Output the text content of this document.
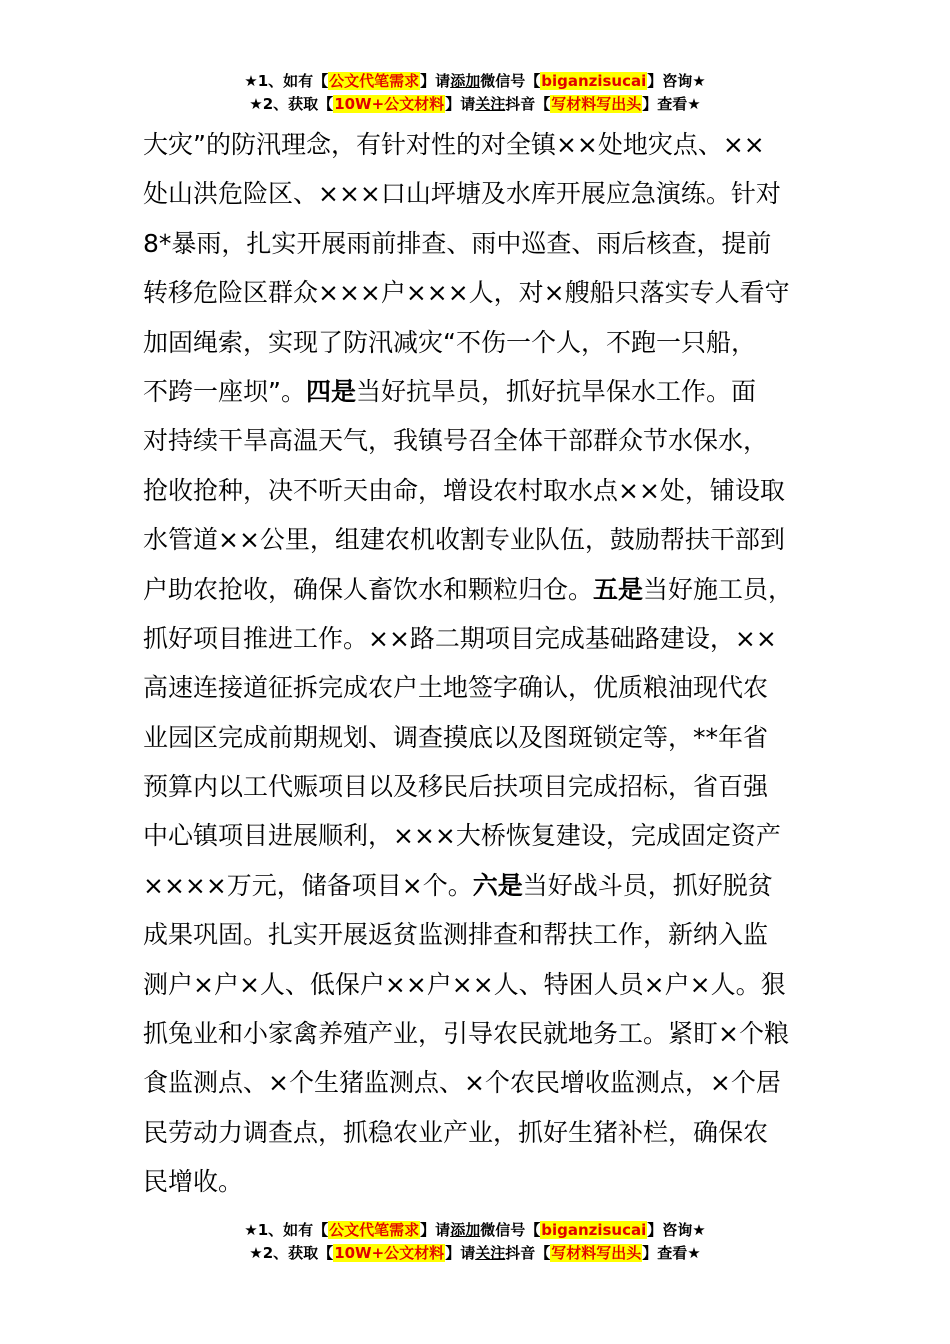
★1、如有【公文代笔需求】请添加微信号【biganzisucai】咨询★
★2、获取【10W+公文材料】请关注抖音【写材料写出头】查看★
大灾”的防汛理念，有针对性的对全镇××处地灾点、××
处山洪危险区、×××口山坪塘及水库开展应急演练。针对
8*暴雨，扎实开展雨前排查、雨中巡查、雨后核查，提前
转移危险区群众×××户×××人，对×艘船只落实专人看守
加固绳索，实现了防汛减灾“不伤一个人，不跑一只船，
不跨一座坝”。四是当好抗旱员，抓好抗旱保水工作。面
对持续干旱高温天气，我镇号召全体干部群众节水保水，
抢收抢种，决不听天由命，增设农村取水点××处，铺设取
水管道××公里，组建农机收割专业队伍，鼓励帮扶干部到
户助农抢收，确保人畜饮水和颗粒归仓。五是当好施工员，
抓好项目推进工作。××路二期项目完成基础路建设，××
高速连接道征拆完成农户土地签字确认，优质粮油现代农
业园区完成前期规划、调查摸底以及图斑锁定等，**年省
预算内以工代赈项目以及移民后扶项目完成招标，省百强
中心镇项目进展顺利，×××大桥恢复建设，完成固定资产
××××万元，储备项目×个。六是当好战斗员，抓好脱贫
成果巩固。扎实开展返贫监测排查和帮扶工作，新纳入监
测户×户×人、低保户××户××人、特困人员×户×人。狠
抓兔业和小家禽养殖产业，引导农民就地务工。紧盯×个粮
食监测点、×个生猪监测点、×个农民增收监测点，×个居
民劳动力调查点，抓稳农业产业，抓好生猪补栏，确保农
民增收。
★1、如有【公文代笔需求】请添加微信号【biganzisucai】咨询★
★2、获取【10W+公文材料】请关注抖音【写材料写出头】查看★
